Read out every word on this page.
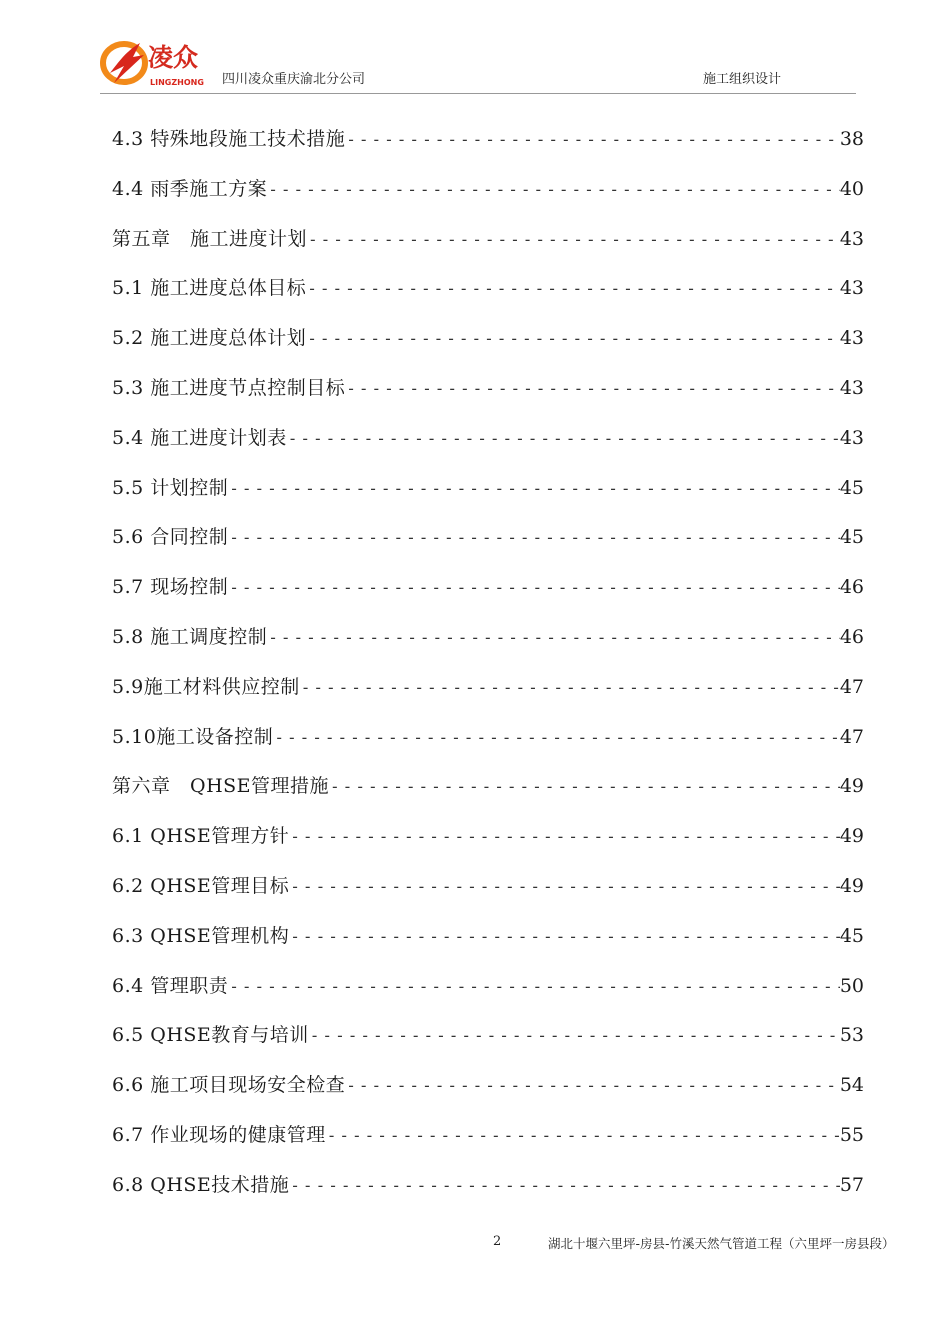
凌众
LINGZHONG 四川凌众重庆渝北分公司	施工组织设计
4.3 特殊地段施工技术措施 -----	38
4.4 雨季施工方案 -----	40
第五章　施工进度计划 -----	43
5.1 施工进度总体目标 -----	43
5.2 施工进度总体计划 -----	43
5.3 施工进度节点控制目标 -----	43
5.4 施工进度计划表 -----	43
5.5 计划控制 -----	45
5.6 合同控制 -----	45
5.7 现场控制 -----	46
5.8 施工调度控制 -----	46
5.9施工材料供应控制 -----	47
5.10施工设备控制 -----	47
第六章　QHSE管理措施 -----	49
6.1 QHSE管理方针 -----	49
6.2 QHSE管理目标 -----	49
6.3 QHSE管理机构 -----	45
6.4 管理职责 -----	50
6.5 QHSE教育与培训 -----	53
6.6 施工项目现场安全检查 -----	54
6.7 作业现场的健康管理 -----	55
6.8 QHSE技术措施 -----	57
2	湖北十堰六里坪-房县-竹溪天然气管道工程（六里坪一房县段）
